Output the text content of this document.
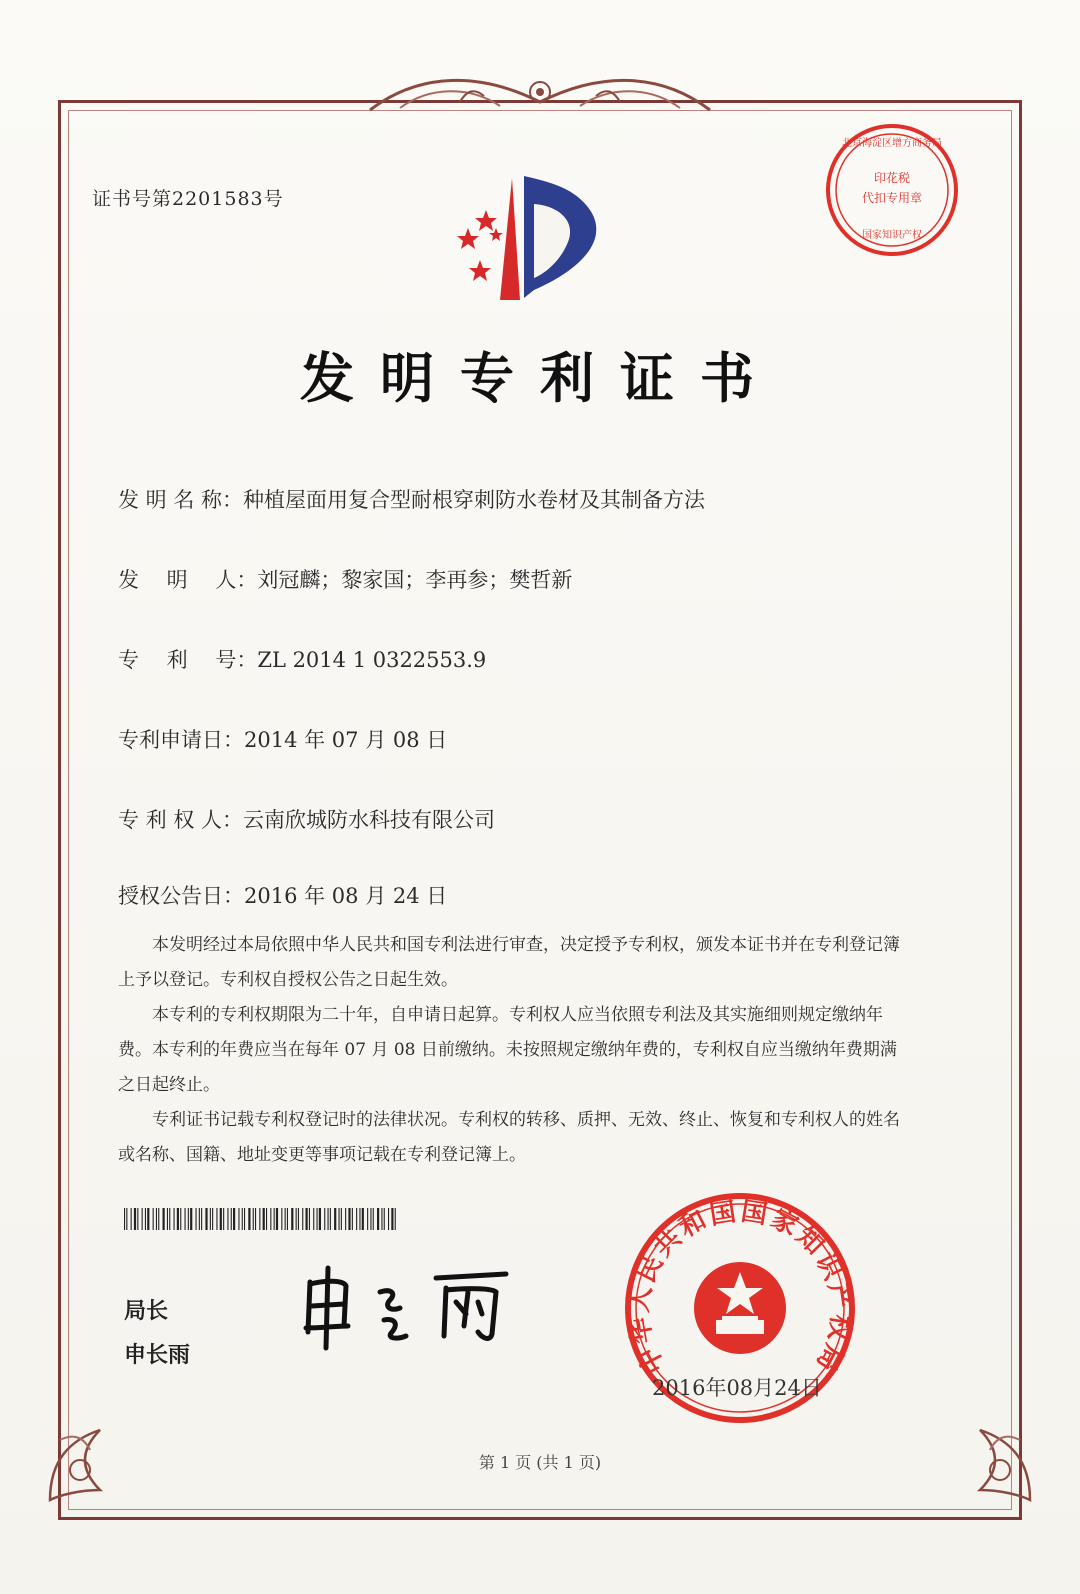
证书号第2201583号
印花税
代扣专用章
北京海淀区增方商务局
国家知识产权
发明专利证书
发 明 名 称：种植屋面用复合型耐根穿刺防水卷材及其制备方法
发　 明　 人：刘冠麟；黎家国；李再参；樊哲新
专　 利　 号：ZL 2014 1 0322553.9
专利申请日：2014 年 07 月 08 日
专 利 权 人：云南欣城防水科技有限公司
授权公告日：2016 年 08 月 24 日

本发明经过本局依照中华人民共和国专利法进行审查，决定授予专利权，颁发本证书并在专利登记簿上予以登记。专利权自授权公告之日起生效。

本专利的专利权期限为二十年，自申请日起算。专利权人应当依照专利法及其实施细则规定缴纳年费。本专利的年费应当在每年 07 月 08 日前缴纳。未按照规定缴纳年费的，专利权自应当缴纳年费期满之日起终止。

专利证书记载专利权登记时的法律状况。专利权的转移、质押、无效、终止、恢复和专利权人的姓名或名称、国籍、地址变更等事项记载在专利登记簿上。

局长
申长雨	中华人民共和国国家知识产权局
2016年08月24日
第 1 页 (共 1 页)
